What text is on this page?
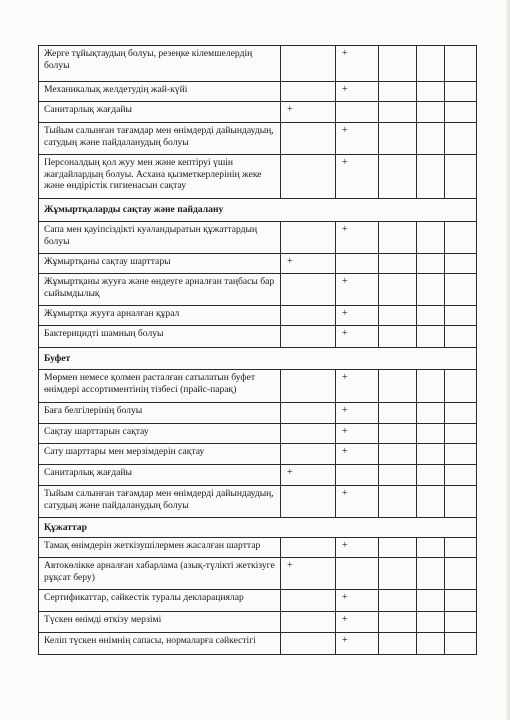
Жерге тұйықтаудың болуы, резеңке кілемшелердің болуы		+			
Механикалық желдетудің жай-күйі		+			
Санитарлық жағдайы	+				
Тыйым салынған тағамдар мен өнімдерді дайындаудың, сатудың және пайдаланудың болуы		+			
Персоналдың қол жуу мен және кептіруі үшін жағдайлардың болуы. Асхана қызметкерлерінің жеке және өндірістік гигиенасын сақтау		+			
Жұмыртқаларды сақтау және пайдалану					
Сапа мен қауіпсіздікті куәландыратын құжаттардың болуы		+			
Жұмыртқаны сақтау шарттары	+				
Жұмыртқаны жууға және өндеуге арналған таңбасы бар сыйымдылық		+			
Жұмыртқа жууға арналған құрал		+			
Бактерицидті шамның болуы		+			
Буфет					
Мөрмен немесе қолмен расталған сатылатын буфет өнімдері ассортиментінің тізбесі (прайс-парақ)		+			
Баға белгілерінің болуы		+			
Сақтау шарттарын сақтау		+			
Сату шарттары мен мерзімдерін сақтау		+			
Санитарлық жағдайы	+				
Тыйым салынған тағамдар мен өнімдерді дайындаудың, сатудың және пайдаланудың болуы		+			
Құжаттар					
Тамақ өнімдерін жеткізушілермен жасалған шарттар		+			
Автокөлікке арналған хабарлама (азық-түлікті жеткізуге рұқсат беру)	+				
Сертификаттар, сәйкестік туралы декларациялар		+			
Түскен өнімді өткізу мерзімі		+			
Келіп түскен өнімнің сапасы, нормаларға сәйкестігі		+			
